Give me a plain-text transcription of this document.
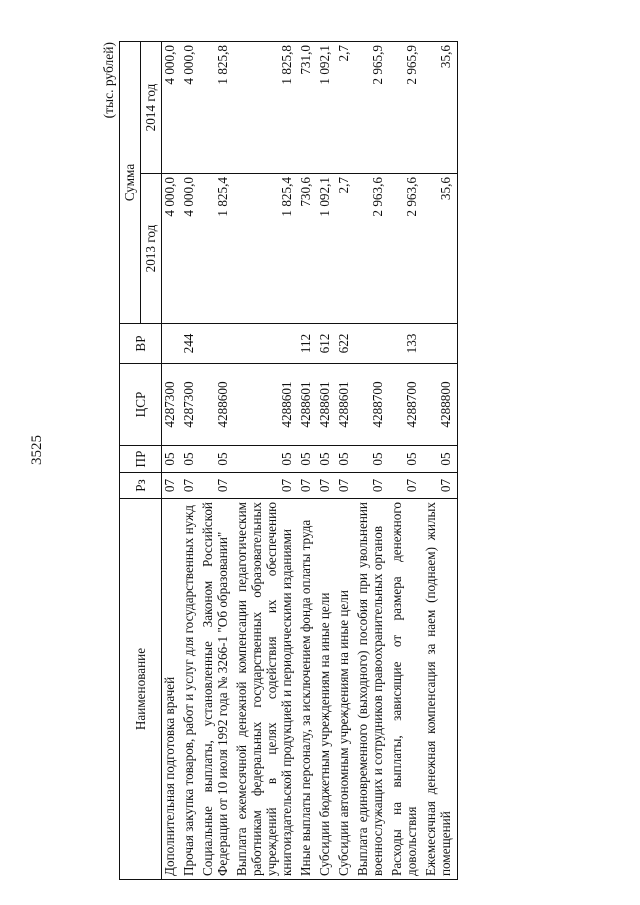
3525
(тыс. рублей)
Наименование	Рз	ПР	ЦСР	ВР	Сумма	
					2013 год	2014 год
Дополнительная подготовка врачей	07	05	4287300		4 000,0	4 000,0
Прочая закупка товаров, работ и услуг для государственных нужд	07	05	4287300	244	4 000,0	4 000,0
Социальные выплаты, установленные Законом Российской Федерации от 10 июля 1992 года № 3266-1 "Об образовании"	07	05	4288600		1 825,4	1 825,8
Выплата ежемесячной денежной компенсации педагогическим работникам федеральных государственных образовательных учреждений в целях содействия их обеспечению книгоиздательской продукцией и периодическими изданиями	07	05	4288601		1 825,4	1 825,8
Иные выплаты персоналу, за исключением фонда оплаты труда	07	05	4288601	112	730,6	731,0
Субсидии бюджетным учреждениям на иные цели	07	05	4288601	612	1 092,1	1 092,1
Субсидии автономным учреждениям на иные цели	07	05	4288601	622	2,7	2,7
Выплата единовременного (выходного) пособия при увольнении военнослужащих и сотрудников правоохранительных органов	07	05	4288700		2 963,6	2 965,9
Расходы на выплаты, зависящие от размера денежного довольствия	07	05	4288700	133	2 963,6	2 965,9
Ежемесячная денежная компенсация за наем (поднаем) жилых помещений	07	05	4288800		35,6	35,6
